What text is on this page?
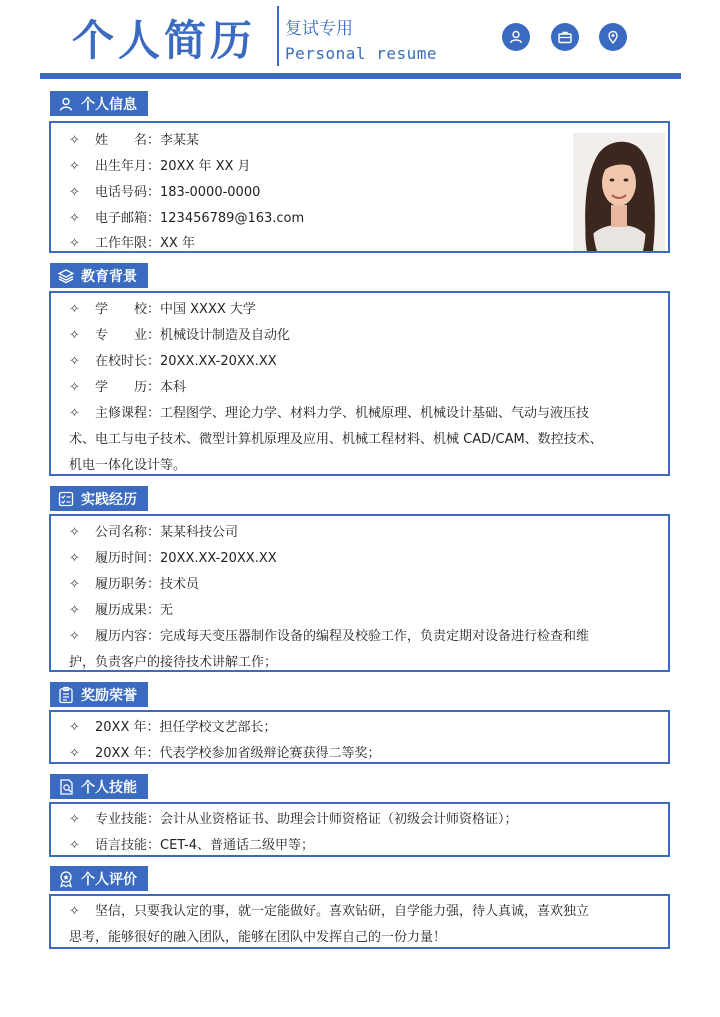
个人简历 复试专用
Personal resume
个人信息
✧ 姓　　名：李某某
✧ 出生年月：20XX 年 XX 月
✧ 电话号码：183-0000-0000
✧ 电子邮箱：123456789@163.com
✧ 工作年限：XX 年
教育背景
✧ 学　　校：中国 XXXX 大学
✧ 专　　业：机械设计制造及自动化
✧ 在校时长：20XX.XX-20XX.XX
✧ 学　　历：本科
✧ 主修课程：工程图学、理论力学、材料力学、机械原理、机械设计基础、气动与液压技
术、电工与电子技术、微型计算机原理及应用、机械工程材料、机械 CAD/CAM、数控技术、
机电一体化设计等。
实践经历
✧ 公司名称：某某科技公司
✧ 履历时间：20XX.XX-20XX.XX
✧ 履历职务：技术员
✧ 履历成果：无
✧ 履历内容：完成每天变压器制作设备的编程及校验工作，负责定期对设备进行检查和维
护，负责客户的接待技术讲解工作；
奖励荣誉
✧ 20XX 年：担任学校文艺部长；
✧ 20XX 年：代表学校参加省级辩论赛获得二等奖；
个人技能
✧ 专业技能：会计从业资格证书、助理会计师资格证（初级会计师资格证）；
✧ 语言技能：CET-4、普通话二级甲等；
个人评价
✧ 坚信，只要我认定的事，就一定能做好。喜欢钻研，自学能力强，待人真诚，喜欢独立
思考，能够很好的融入团队，能够在团队中发挥自己的一份力量！
